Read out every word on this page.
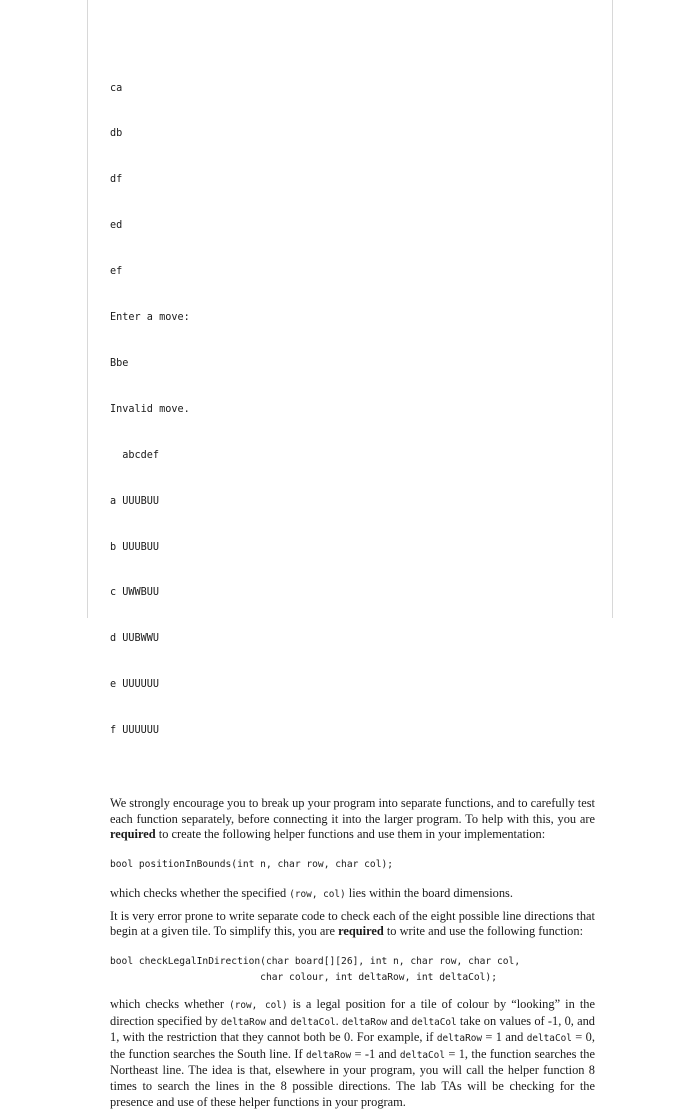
ca

db

df

ed

ef

Enter a move:

Bbe

Invalid move.

abcdef

a UUUBUU

b UUUBUU

c UWWBUU

d UUBWWU

e UUUUUU

f UUUUUU

We strongly encourage you to break up your program into separate functions, and to carefully test each function separately, before connecting it into the larger program. To help with this, you are required to create the following helper functions and use them in your implementation:

bool positionInBounds(int n, char row, char col);

which checks whether the specified (row, col) lies within the board dimensions.

It is very error prone to write separate code to check each of the eight possible line directions that begin at a given tile. To simplify this, you are required to write and use the following function:

bool checkLegalInDirection(char board[][26], int n, char row, char col,
char colour, int deltaRow, int deltaCol);

which checks whether (row, col) is a legal position for a tile of colour by “looking” in the direction specified by deltaRow and deltaCol. deltaRow and deltaCol take on values of -1, 0, and 1, with the restriction that they cannot both be 0. For example, if deltaRow = 1 and deltaCol = 0, the function searches the South line. If deltaRow = -1 and deltaCol = 1, the function searches the Northeast line. The idea is that, elsewhere in your program, you will call the helper function 8 times to search the lines in the 8 possible directions. The lab TAs will be checking for the presence and use of these helper functions in your program.
